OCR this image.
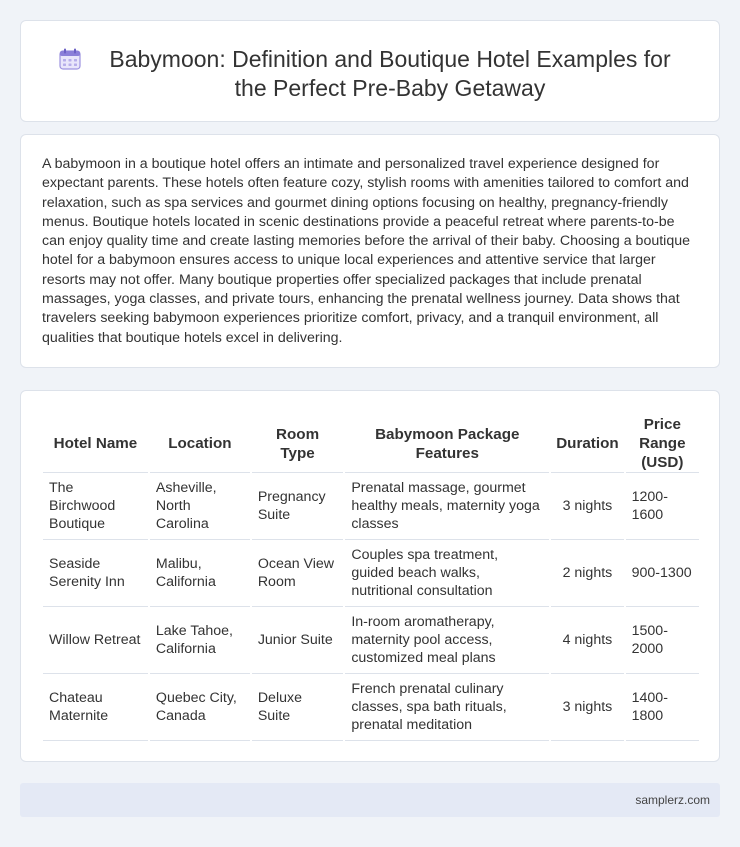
Babymoon: Definition and Boutique Hotel Examples for the Perfect Pre-Baby Getaway

A babymoon in a boutique hotel offers an intimate and personalized travel experience designed for expectant parents. These hotels often feature cozy, stylish rooms with amenities tailored to comfort and relaxation, such as spa services and gourmet dining options focusing on healthy, pregnancy-friendly menus. Boutique hotels located in scenic destinations provide a peaceful retreat where parents-to-be can enjoy quality time and create lasting memories before the arrival of their baby. Choosing a boutique hotel for a babymoon ensures access to unique local experiences and attentive service that larger resorts may not offer. Many boutique properties offer specialized packages that include prenatal massages, yoga classes, and private tours, enhancing the prenatal wellness journey. Data shows that travelers seeking babymoon experiences prioritize comfort, privacy, and a tranquil environment, all qualities that boutique hotels excel in delivering.

Hotel Name	Location	Room Type	Babymoon Package Features	Duration	Price Range (USD)
The Birchwood Boutique	Asheville, North Carolina	Pregnancy Suite	Prenatal massage, gourmet healthy meals, maternity yoga classes	3 nights	1200-1600
Seaside Serenity Inn	Malibu, California	Ocean View Room	Couples spa treatment, guided beach walks, nutritional consultation	2 nights	900-1300
Willow Retreat	Lake Tahoe, California	Junior Suite	In-room aromatherapy, maternity pool access, customized meal plans	4 nights	1500-2000
Chateau Maternite	Quebec City, Canada	Deluxe Suite	French prenatal culinary classes, spa bath rituals, prenatal meditation	3 nights	1400-1800
samplerz.com
